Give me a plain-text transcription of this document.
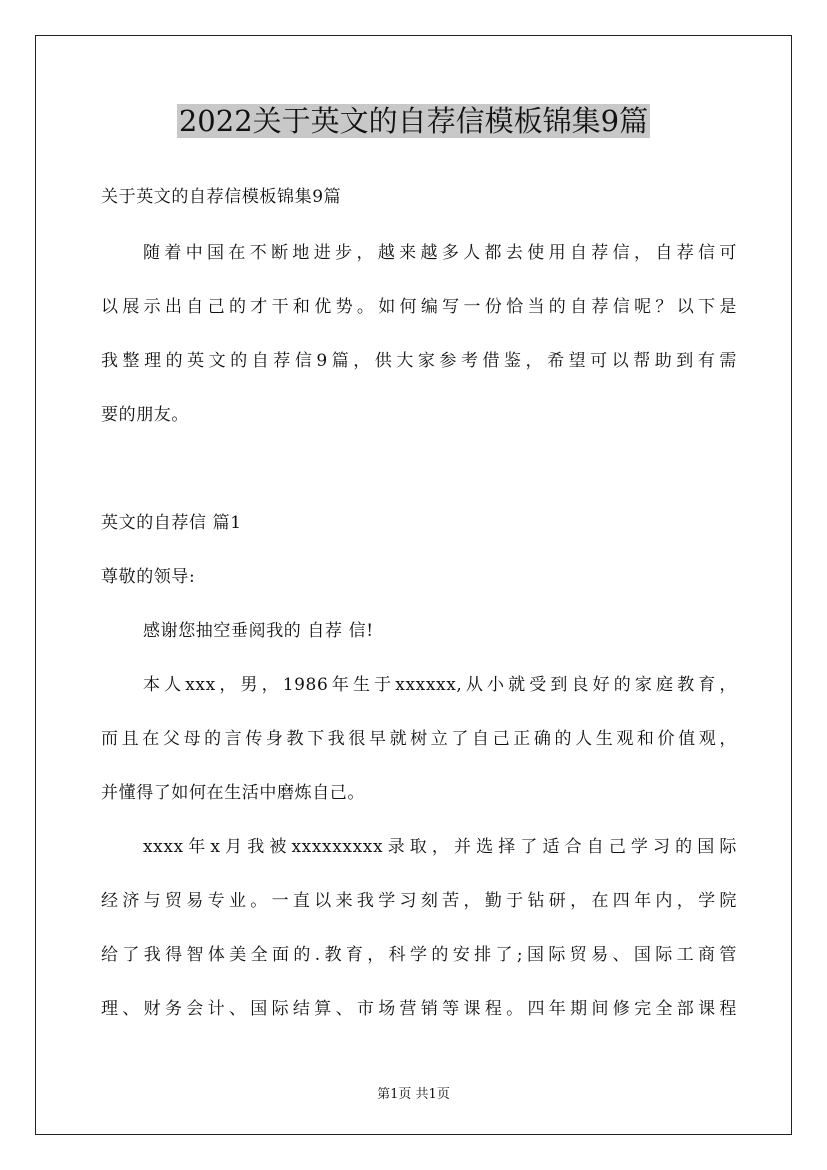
2022关于英文的自荐信模板锦集9篇
关于英文的自荐信模板锦集9篇
随着中国在不断地进步，越来越多人都去使用自荐信，自荐信可
以展示出自己的才干和优势。如何编写一份恰当的自荐信呢？以下是
我整理的英文的自荐信9篇，供大家参考借鉴，希望可以帮助到有需
要的朋友。
英文的自荐信 篇1
尊敬的领导:
感谢您抽空垂阅我的 自荐 信!
本人xxx，男，1986年生于xxxxxx,从小就受到良好的家庭教育，
而且在父母的言传身教下我很早就树立了自己正确的人生观和价值观，
并懂得了如何在生活中磨炼自己。
xxxx年x月我被xxxxxxxxx录取，并选择了适合自己学习的国际
经济与贸易专业。一直以来我学习刻苦，勤于钻研，在四年内，学院
给了我得智体美全面的.教育，科学的安排了;国际贸易、国际工商管
理、财务会计、国际结算、市场营销等课程。四年期间修完全部课程
第1页 共1页
